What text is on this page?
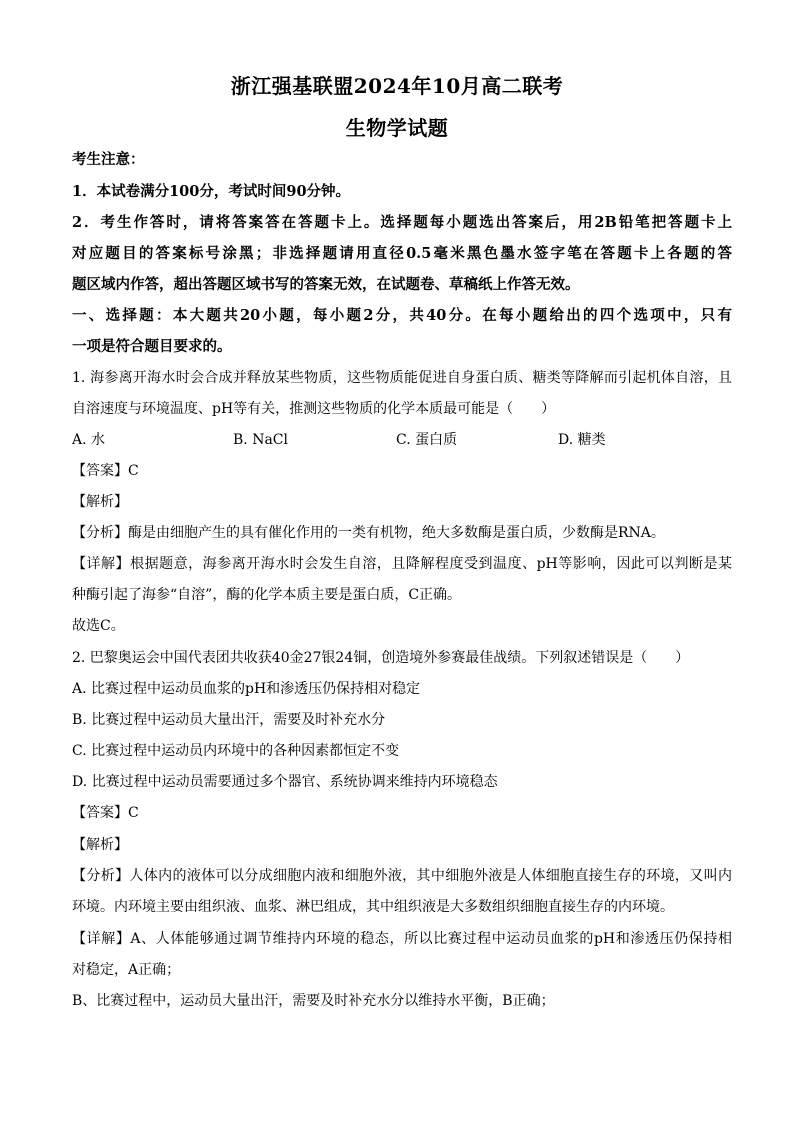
浙江强基联盟2024年10月高二联考
生物学试题
考生注意：
1．本试卷满分100分，考试时间90分钟。
2．考生作答时，请将答案答在答题卡上。选择题每小题选出答案后，用2B铅笔把答题卡上
对应题目的答案标号涂黑；非选择题请用直径0.5毫米黑色墨水签字笔在答题卡上各题的答
题区域内作答，超出答题区域书写的答案无效，在试题卷、草稿纸上作答无效。
一、选择题：本大题共20小题，每小题2分，共40分。在每小题给出的四个选项中，只有
一项是符合题目要求的。
1. 海参离开海水时会合成并释放某些物质，这些物质能促进自身蛋白质、糖类等降解而引起机体自溶，且
自溶速度与环境温度、pH等有关，推测这些物质的化学本质最可能是（　　）
A. 水	B. NaCl	C. 蛋白质	D. 糖类
【答案】C
【解析】
【分析】酶是由细胞产生的具有催化作用的一类有机物，绝大多数酶是蛋白质，少数酶是RNA。
【详解】根据题意，海参离开海水时会发生自溶，且降解程度受到温度、pH等影响，因此可以判断是某
种酶引起了海参“自溶”，酶的化学本质主要是蛋白质，C正确。
故选C。
2. 巴黎奥运会中国代表团共收获40金27银24铜，创造境外参赛最佳战绩。下列叙述错误是（　　）
A. 比赛过程中运动员血浆的pH和渗透压仍保持相对稳定
B. 比赛过程中运动员大量出汗，需要及时补充水分
C. 比赛过程中运动员内环境中的各种因素都恒定不变
D. 比赛过程中运动员需要通过多个器官、系统协调来维持内环境稳态
【答案】C
【解析】
【分析】人体内的液体可以分成细胞内液和细胞外液，其中细胞外液是人体细胞直接生存的环境，又叫内
环境。内环境主要由组织液、血浆、淋巴组成，其中组织液是大多数组织细胞直接生存的内环境。
【详解】A、人体能够通过调节维持内环境的稳态，所以比赛过程中运动员血浆的pH和渗透压仍保持相
对稳定，A正确；
B、比赛过程中，运动员大量出汗，需要及时补充水分以维持水平衡，B正确；
